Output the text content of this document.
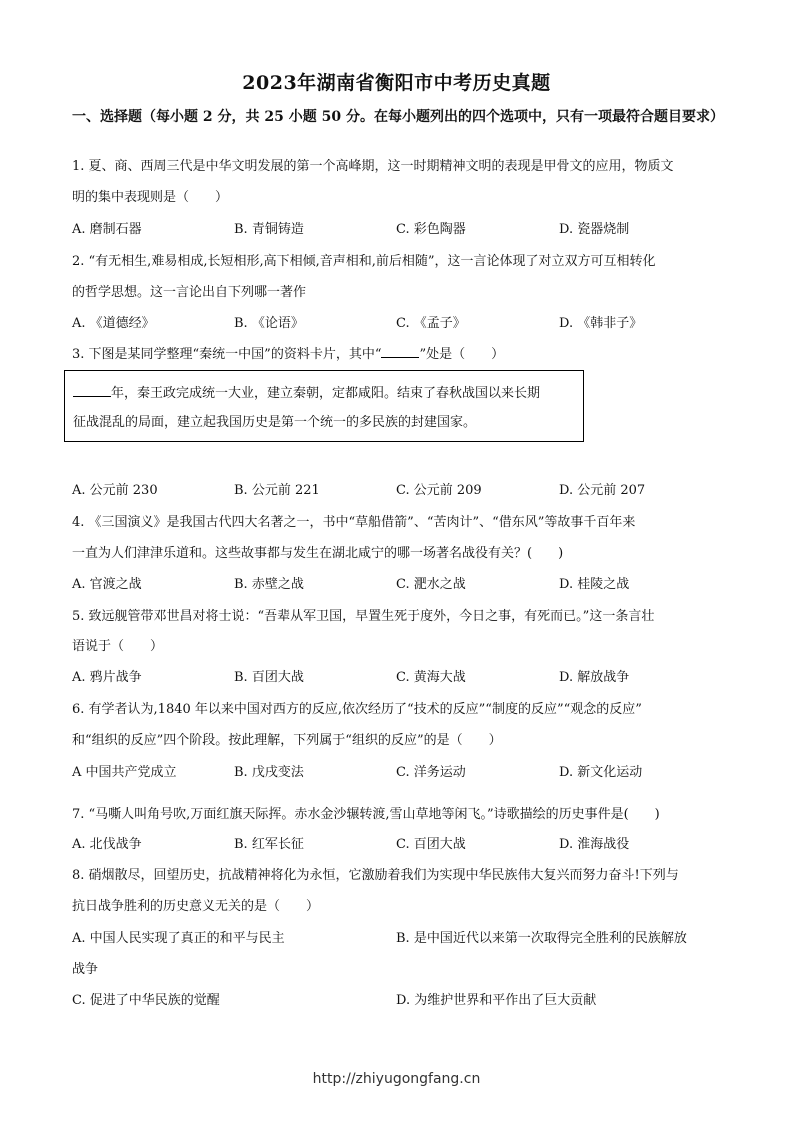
2023年湖南省衡阳市中考历史真题
一、选择题（每小题 2 分，共 25 小题 50 分。在每小题列出的四个选项中，只有一项最符合题目要求）
1. 夏、商、西周三代是中华文明发展的第一个高峰期，这一时期精神文明的表现是甲骨文的应用，物质文
明的集中表现则是（　　）
A. 磨制石器	B. 青铜铸造	C. 彩色陶器	D. 瓷器烧制
2. “有无相生,难易相成,长短相形,高下相倾,音声相和,前后相随”，这一言论体现了对立双方可互相转化
的哲学思想。这一言论出自下列哪一著作
A. 《道德经》	B. 《论语》	C. 《孟子》	D. 《韩非子》
3. 下图是某同学整理“秦统一中国”的资料卡片，其中“	”处是（　　）
年，秦王政完成统一大业，建立秦朝，定都咸阳。结束了春秋战国以来长期
征战混乱的局面，建立起我国历史是第一个统一的多民族的封建国家。
A. 公元前 230	B. 公元前 221	C. 公元前 209	D. 公元前 207
4. 《三国演义》是我国古代四大名著之一，书中“草船借箭”、“苦肉计”、“借东风”等故事千百年来
一直为人们津津乐道和。这些故事都与发生在湖北咸宁的哪一场著名战役有关？(　　)
A. 官渡之战	B. 赤壁之战	C. 淝水之战	D. 桂陵之战
5. 致远舰管带邓世昌对将士说：“吾辈从军卫国，早置生死于度外，今日之事，有死而已。”这一条言壮
语说于（　　）
A. 鸦片战争	B. 百团大战	C. 黄海大战	D. 解放战争
6. 有学者认为,1840 年以来中国对西方的反应,依次经历了“技术的反应”“制度的反应”“观念的反应”
和“组织的反应”四个阶段。按此理解，下列属于“组织的反应”的是（　　）
A 中国共产党成立	B. 戊戌变法	C. 洋务运动	D. 新文化运动
7. “马嘶人叫角号吹,万面红旗天际挥。赤水金沙辗转渡,雪山草地等闲飞。”诗歌描绘的历史事件是(　　)
A. 北伐战争	B. 红军长征	C. 百团大战	D. 淮海战役
8. 硝烟散尽，回望历史，抗战精神将化为永恒，它激励着我们为实现中华民族伟大复兴而努力奋斗!下列与
抗日战争胜利的历史意义无关的是（　　）
A. 中国人民实现了真正的和平与民主	B. 是中国近代以来第一次取得完全胜利的民族解放
战争
C. 促进了中华民族的觉醒	D. 为维护世界和平作出了巨大贡献
http://zhiyugongfang.cn
